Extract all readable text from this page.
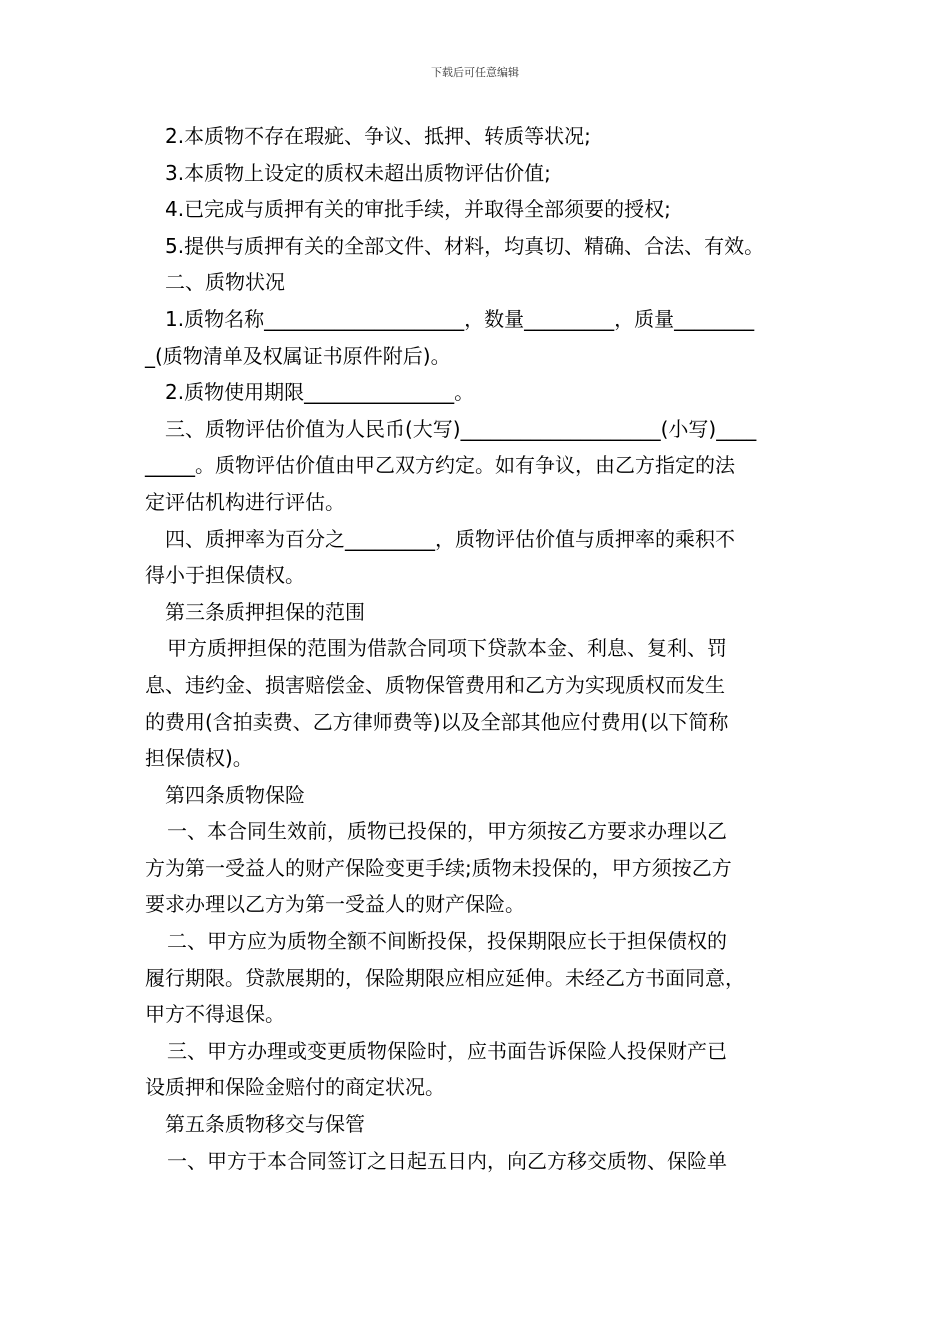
下载后可任意编辑
2.本质物不存在瑕疵、争议、抵押、转质等状况;
3.本质物上设定的质权未超出质物评估价值;
4.已完成与质押有关的审批手续，并取得全部须要的授权;
5.提供与质押有关的全部文件、材料，均真切、精确、合法、有效。
二、质物状况
1.质物名称____________________，数量_________，质量________
_(质物清单及权属证书原件附后)。
2.质物使用期限_______________。
三、质物评估价值为人民币(大写)____________________(小写)____
_____。质物评估价值由甲乙双方约定。如有争议，由乙方指定的法
定评估机构进行评估。
四、质押率为百分之_________，质物评估价值与质押率的乘积不
得小于担保债权。
第三条质押担保的范围
甲方质押担保的范围为借款合同项下贷款本金、利息、复利、罚
息、违约金、损害赔偿金、质物保管费用和乙方为实现质权而发生
的费用(含拍卖费、乙方律师费等)以及全部其他应付费用(以下简称
担保债权)。
第四条质物保险
一、本合同生效前，质物已投保的，甲方须按乙方要求办理以乙
方为第一受益人的财产保险变更手续;质物未投保的，甲方须按乙方
要求办理以乙方为第一受益人的财产保险。
二、甲方应为质物全额不间断投保，投保期限应长于担保债权的
履行期限。贷款展期的，保险期限应相应延伸。未经乙方书面同意，
甲方不得退保。
三、甲方办理或变更质物保险时，应书面告诉保险人投保财产已
设质押和保险金赔付的商定状况。
第五条质物移交与保管
一、甲方于本合同签订之日起五日内，向乙方移交质物、保险单
